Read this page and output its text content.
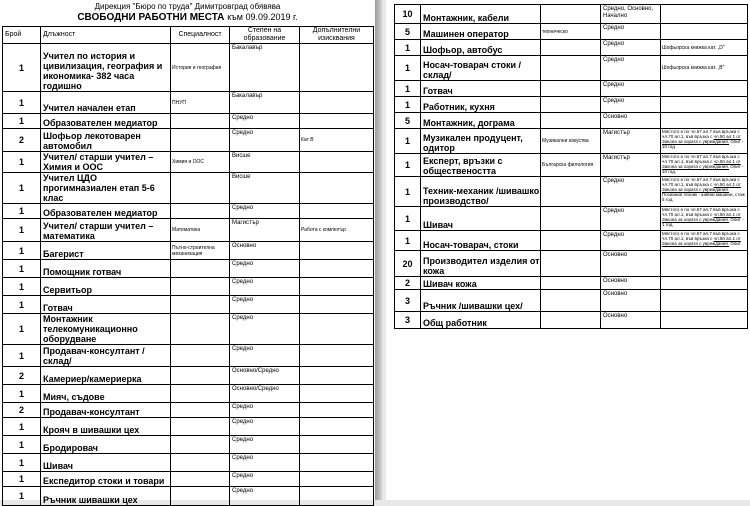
Дирекция "Бюро по труда" Димитровград обявява
СВОБОДНИ РАБОТНИ МЕСТА към 09.09.2019 г.
Брой	Длъжност	Специалност	Степен на образование	Допълнителни изисквания
1	Учител по история и цивилизация, география и икономика- 382 часа годишно	История и география	Бакалавър	
1	Учител начален етап	ПНУП	Бакалавър	
1	Образователен медиатор		Средно	
2	Шофьор лекотоварен автомобил		Средно	Кат В
1	Учител/ старши учител – Химия и ООС	Химия и ООС	Висше	
1	Учител ЦДО прогимназиален етап 5-6 клас		Висше	
1	Образователен медиатор		Средно	
1	Учител/ старши учител – математика	Математика	Магистър	Работа с компютър
1	Багерист	Пътно-строителна механизация	Основно	
1	Помощник готвач		Средно	
1	Сервитьор		Средно	
1	Готвач		Средно	
1	Монтажник телекомуникационно оборудване		Средно	
1	Продавач-консултант /склад/		Средно	
2	Камериер/камериерка		Основно/Средно	
1	Мияч, съдове		Основно/Средно	
2	Продавач-консултант		Средно	
1	Крояч в шивашки цех		Средно	
1	Бродировач		Средно	
1	Шивач		Средно	
1	Експедитор стоки и товари		Средно	
1	Ръчник шивашки цех		Средно	
10	Монтажник, кабели		Средно, Основно, Начално	
5	Машинен оператор	техническо	Средно	
1	Шофьор, автобус		Средно	Шофьорска книжка кат. „D"
1	Носач-товарач стоки /склад/		Средно	Шофьорска книжка кат. „В"
1	Готвач		Средно	
1	Работник, кухня		Средно	
5	Монтажник, дограма		Основно	
1	Музикален продуцент, одитор	Музикални изкуства	Магистър	Мястото е по чл.67 ал.7 във връзка с чл.70 ал.1, във връзка с чл.50 ал.1 от Закона за хората с увреждания. Опит - 10 год.
1	Експерт, връзки с обществеността	Българска филология	Магистър	Мястото е по чл.67 ал.7 във връзка с чл.70 ал.1, във връзка с чл.50 ал.1 от Закона за хората с увреждания. Опит - 10 год.
1	Техник-механик /шивашко производство/		Средно	Мястото е по чл.67 ал.7 във връзка с чл.70 ал.1, във връзка с чл.50 ал.1 от Закона за хората с увреждания. Познания техник - шивни машини, стаж 5 год.
1	Шивач		Средно	Мястото е по чл.67 ал.7 във връзка с чл.70 ал.1, във връзка с чл.50 ал.1 от Закона за хората с увреждания. Опит - 1 год.
1	Носач-товарач, стоки		Средно	Мястото е по чл.67 ал.7 във връзка с чл.70 ал.1, във връзка с чл.50 ал.1 от Закона за хората с увреждания. Опит
20	Производител изделия от кожа		Основно	
2	Шивач кожа		Основно	
3	Ръчник /шивашки цех/		Основно	
3	Общ работник		Основно	
